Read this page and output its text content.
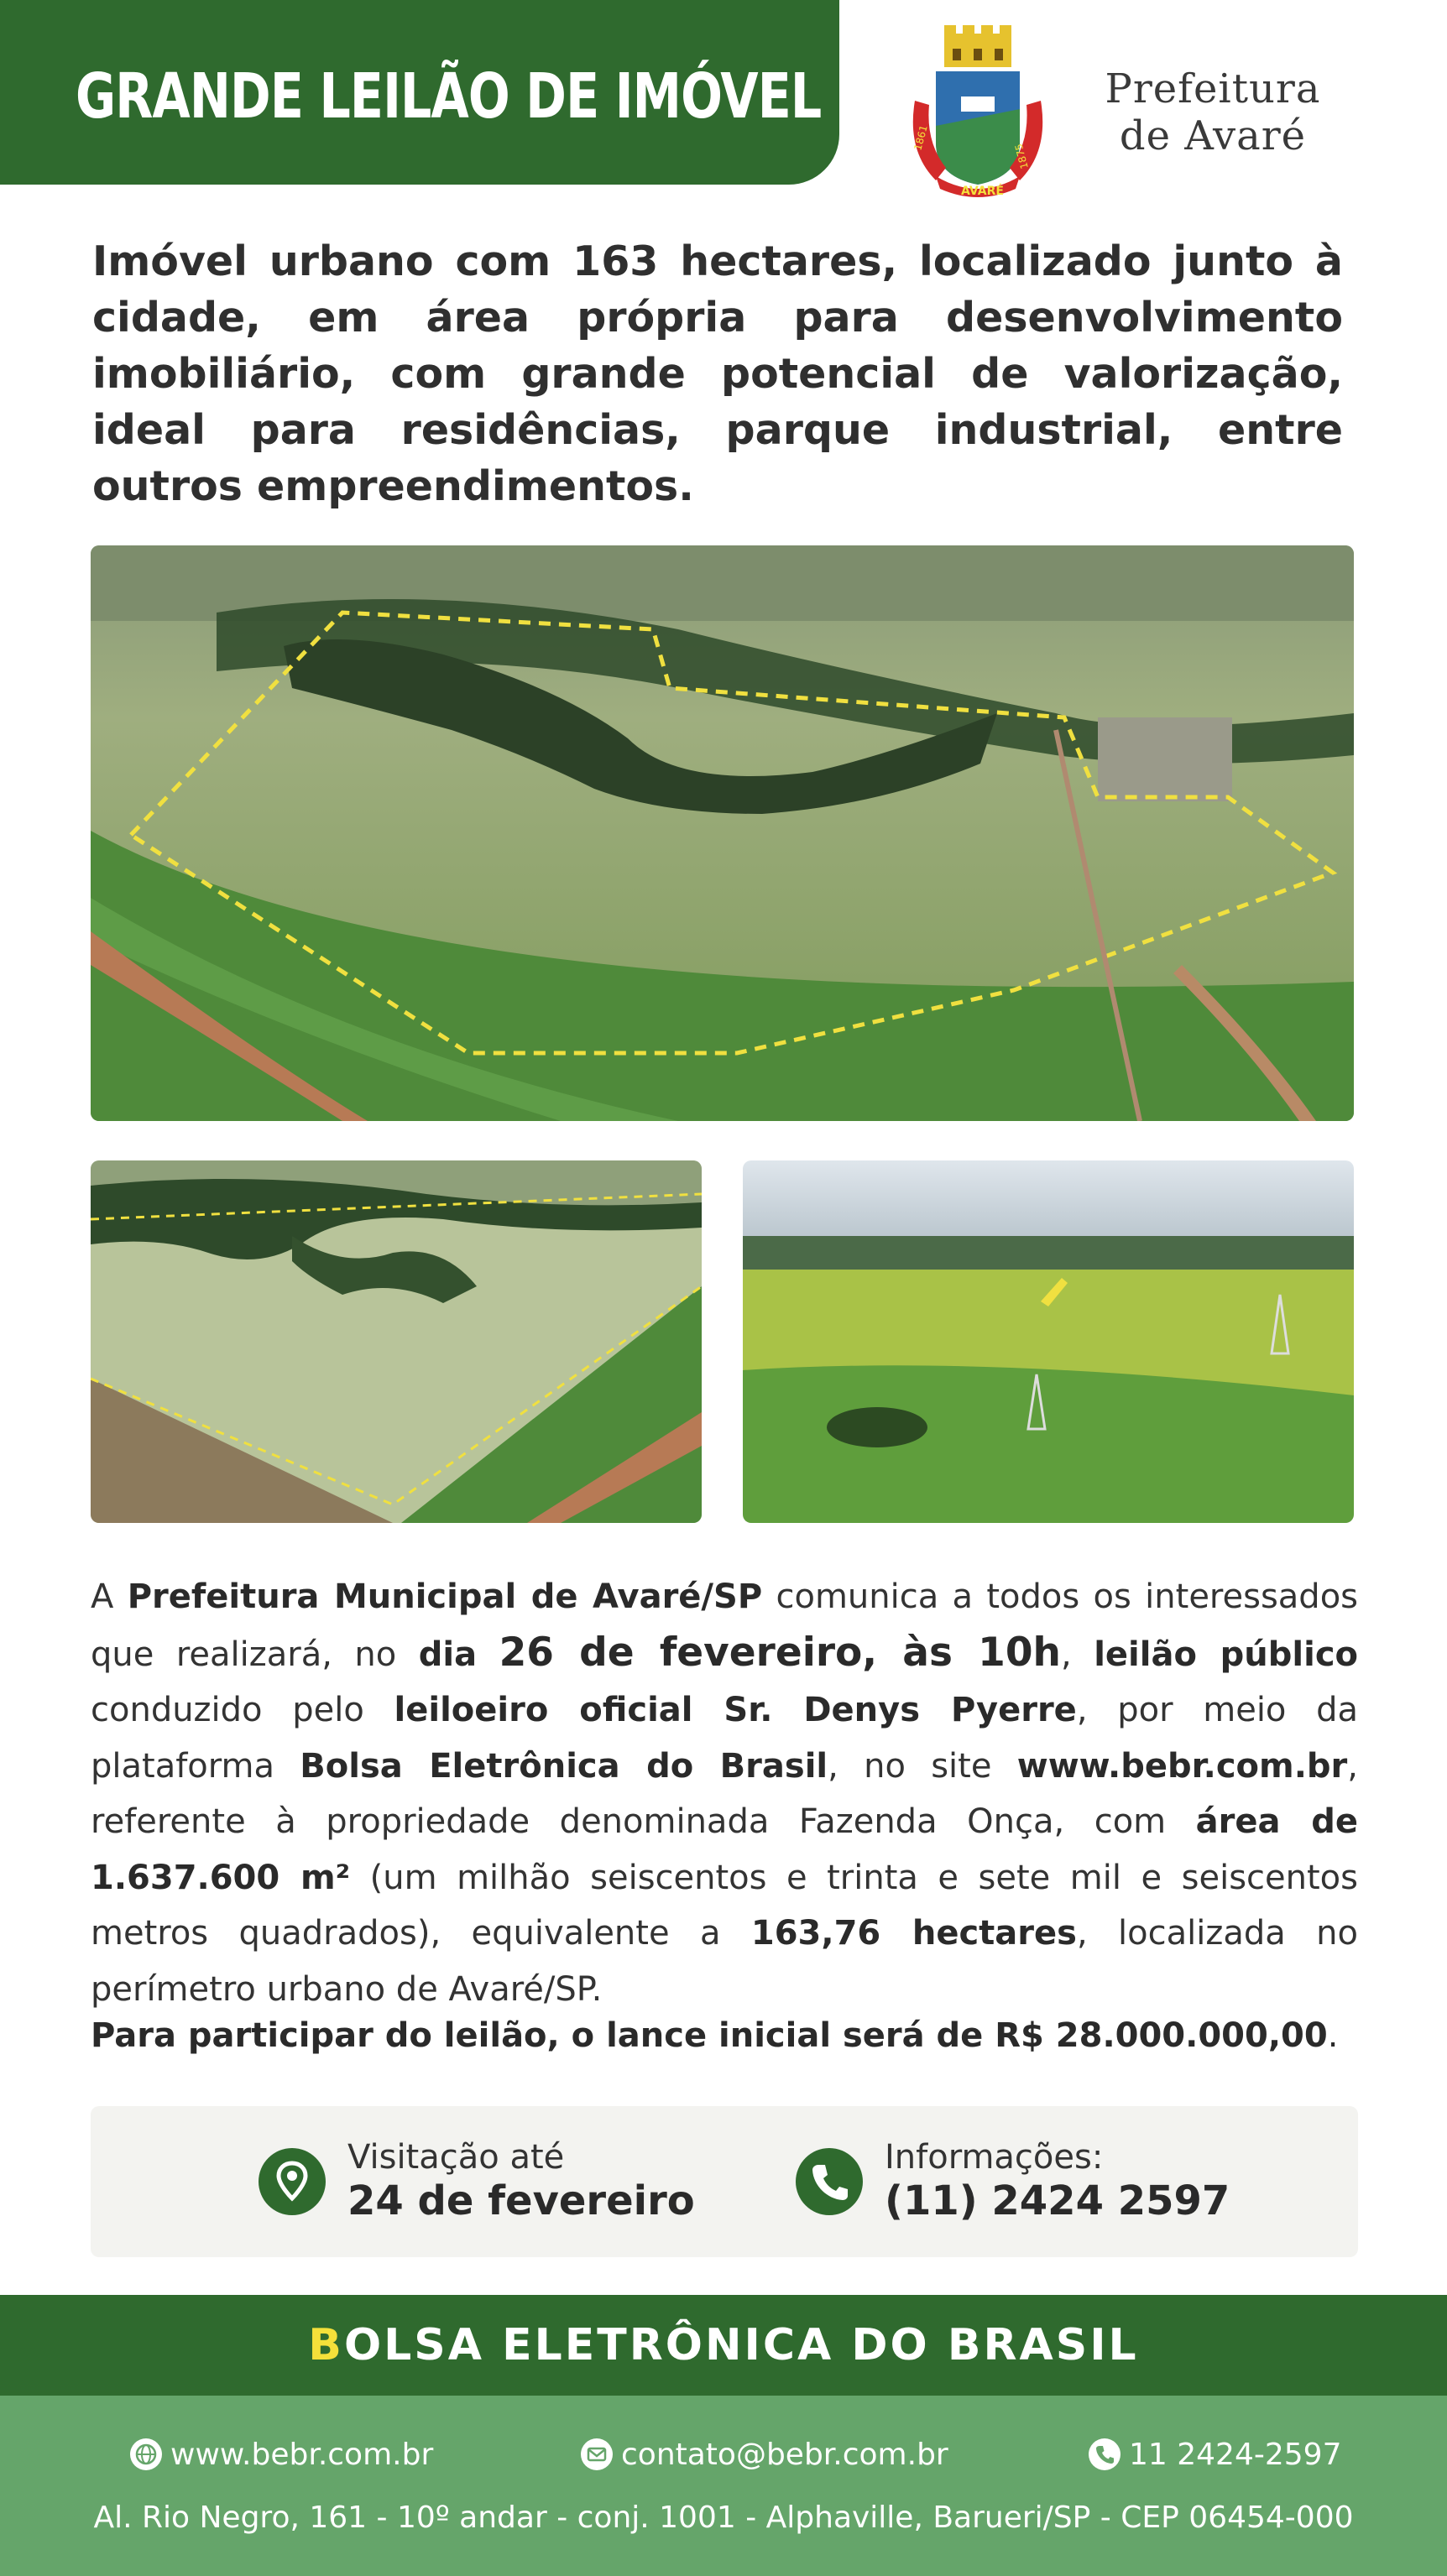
GRANDE LEILÃO DE IMÓVEL
1861
1875
AVARÉ
Prefeitura
de Avaré
Imóvel urbano com 163 hectares, localizado junto à cidade, em área própria para desenvolvimento imobiliário, com grande potencial de valorização, ideal para residências, parque industrial, entre outros empreendimentos.
A Prefeitura Municipal de Avaré/SP comunica a todos os interessados
que realizará, no dia 26 de fevereiro, às 10h, leilão público
conduzido pelo leiloeiro oficial Sr. Denys Pyerre, por meio da
plataforma Bolsa Eletrônica do Brasil, no site www.bebr.com.br,
referente à propriedade denominada Fazenda Onça, com área de
1.637.600 m² (um milhão seiscentos e trinta e sete mil e seiscentos
metros quadrados), equivalente a 163,76 hectares, localizada no
perímetro urbano de Avaré/SP.
Para participar do leilão, o lance inicial será de R$ 28.000.000,00.
Visitação até
24 de fevereiro
Informações:
(11) 2424 2597
BOLSA ELETRÔNICA DO BRASIL
www.bebr.com.br	contato@bebr.com.br	11 2424-2597
Al. Rio Negro, 161 - 10º andar - conj. 1001 - Alphaville, Barueri/SP - CEP 06454-000
